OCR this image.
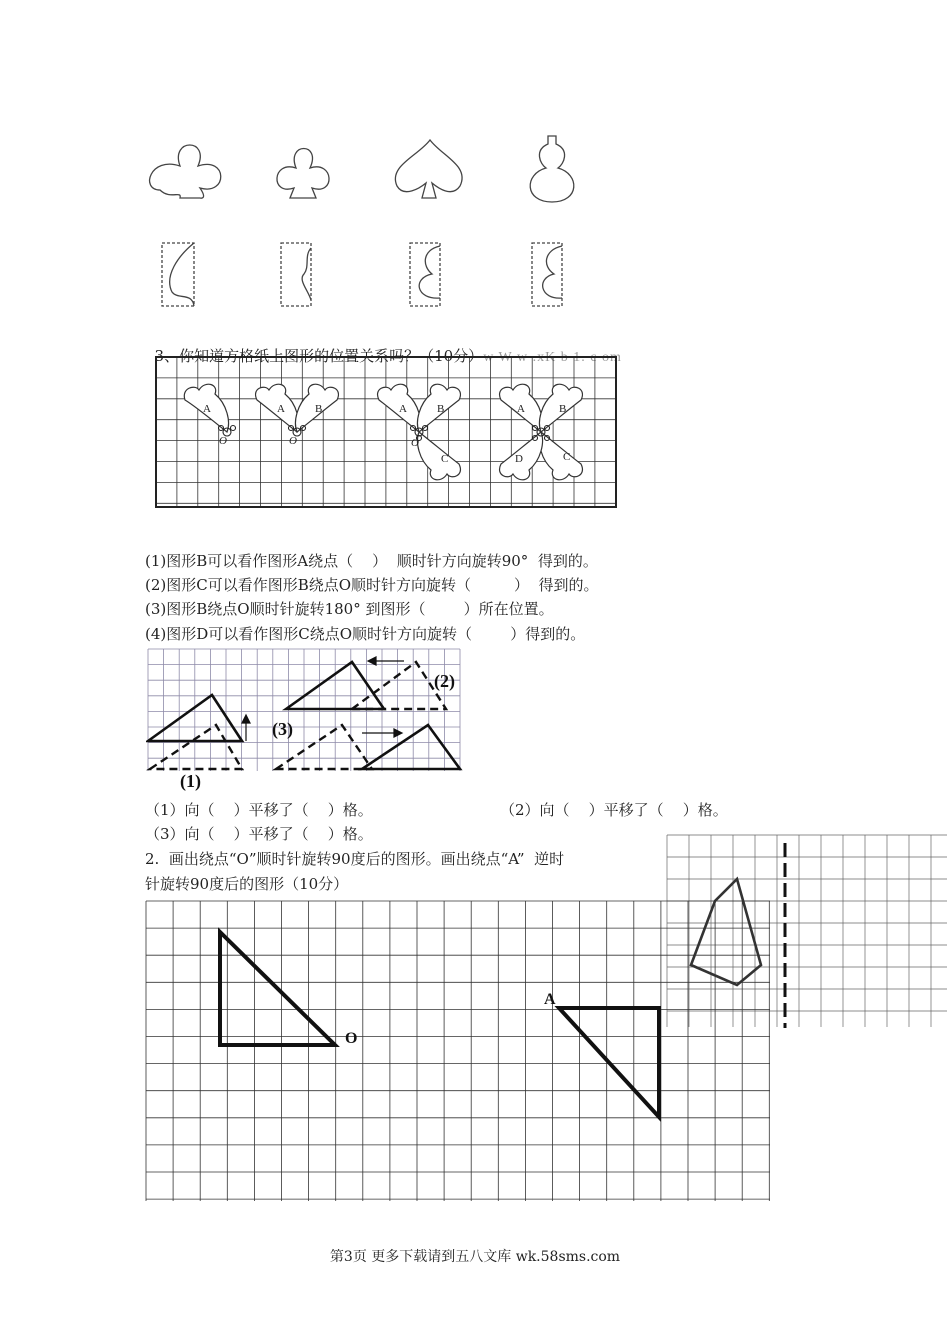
3、你知道方格纸上图形的位置关系吗？（10分）w W w .xK b 1. c om

A
O
A	B
O
A	B
O
C
A	B
C
D
(1)图形B可以看作图形A绕点（    ）  顺时针方向旋转90°  得到的。
(2)图形C可以看作图形B绕点O顺时针方向旋转（         ）  得到的。
(3)图形B绕点O顺时针旋转180° 到图形（        ）所在位置。
(4)图形D可以看作图形C绕点O顺时针方向旋转（        ）得到的。
(1)
(2)
(3)
（1）向（    ）平移了（    ）格。	（2）向（    ）平移了（    ）格。
（3）向（    ）平移了（    ）格。
2.  画出绕点“O”顺时针旋转90度后的图形。画出绕点“A”  逆时
针旋转90度后的图形（10分）
O
A
第3页 更多下载请到五八文库 wk.58sms.com
